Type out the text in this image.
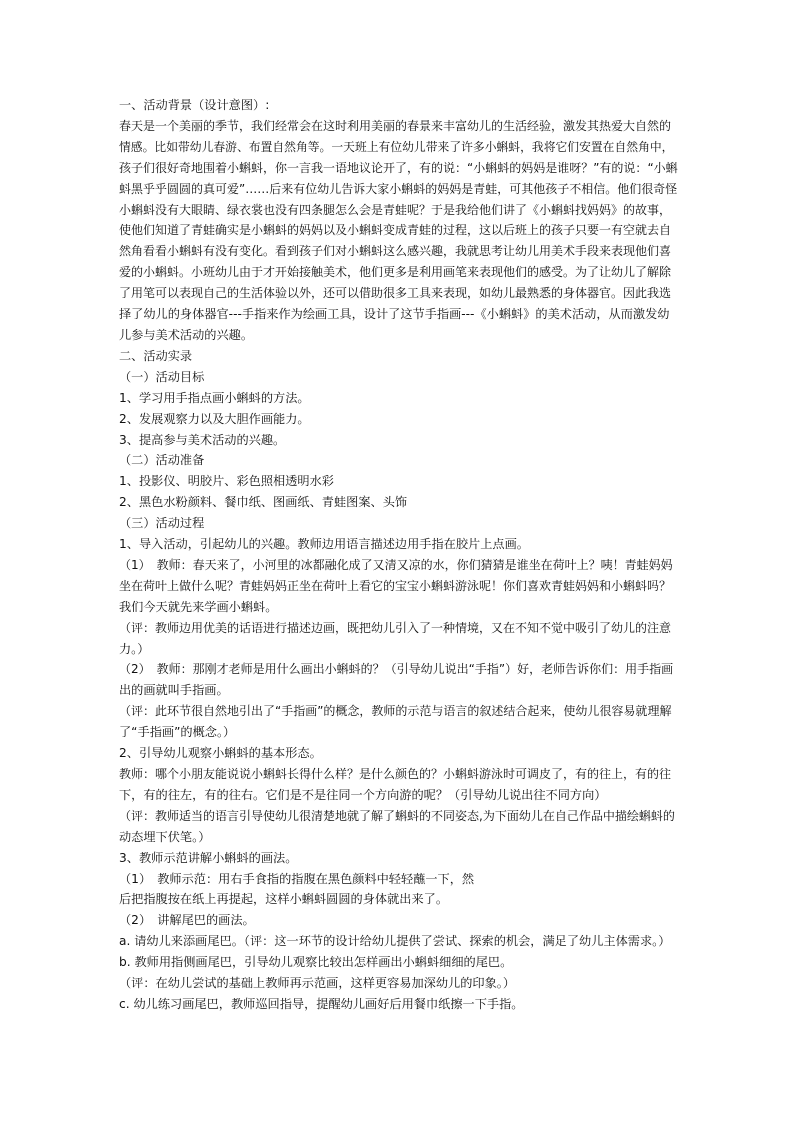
一、活动背景（设计意图）:
春天是一个美丽的季节，我们经常会在这时利用美丽的春景来丰富幼儿的生活经验，激发其热爱大自然的
情感。比如带幼儿春游、布置自然角等。一天班上有位幼儿带来了许多小蝌蚪，我将它们安置在自然角中，
孩子们很好奇地围着小蝌蚪，你一言我一语地议论开了，有的说：“小蝌蚪的妈妈是谁呀？”有的说：“小蝌
蚪黑乎乎圆圆的真可爱”……后来有位幼儿告诉大家小蝌蚪的妈妈是青蛙，可其他孩子不相信。他们很奇怪
小蝌蚪没有大眼睛、绿衣裳也没有四条腿怎么会是青蛙呢？于是我给他们讲了《小蝌蚪找妈妈》的故事，
使他们知道了青蛙确实是小蝌蚪的妈妈以及小蝌蚪变成青蛙的过程，这以后班上的孩子只要一有空就去自
然角看看小蝌蚪有没有变化。看到孩子们对小蝌蚪这么感兴趣，我就思考让幼儿用美术手段来表现他们喜
爱的小蝌蚪。小班幼儿由于才开始接触美术，他们更多是利用画笔来表现他们的感受。为了让幼儿了解除
了用笔可以表现自己的生活体验以外，还可以借助很多工具来表现，如幼儿最熟悉的身体器官。因此我选
择了幼儿的身体器官---手指来作为绘画工具，设计了这节手指画---《小蝌蚪》的美术活动，从而激发幼
儿参与美术活动的兴趣。
二、活动实录
（一）活动目标
1、学习用手指点画小蝌蚪的方法。
2、发展观察力以及大胆作画能力。
3、提高参与美术活动的兴趣。
（二）活动准备
1、投影仪、明胶片、彩色照相透明水彩
2、黑色水粉颜料、餐巾纸、图画纸、青蛙图案、头饰
（三）活动过程
1、导入活动，引起幼儿的兴趣。教师边用语言描述边用手指在胶片上点画。
（1）　教师：春天来了，小河里的冰都融化成了又清又凉的水，你们猜猜是谁坐在荷叶上？咦！青蛙妈妈
坐在荷叶上做什么呢？青蛙妈妈正坐在荷叶上看它的宝宝小蝌蚪游泳呢！你们喜欢青蛙妈妈和小蝌蚪吗？
我们今天就先来学画小蝌蚪。
（评：教师边用优美的话语进行描述边画，既把幼儿引入了一种情境，又在不知不觉中吸引了幼儿的注意
力。）
（2）　教师：那刚才老师是用什么画出小蝌蚪的？（引导幼儿说出“手指”）好，老师告诉你们：用手指画
出的画就叫手指画。
（评：此环节很自然地引出了“手指画”的概念，教师的示范与语言的叙述结合起来，使幼儿很容易就理解
了“手指画”的概念。）
2、引导幼儿观察小蝌蚪的基本形态。
教师：哪个小朋友能说说小蝌蚪长得什么样？是什么颜色的？小蝌蚪游泳时可调皮了，有的往上，有的往
下，有的往左，有的往右。它们是不是往同一个方向游的呢？（引导幼儿说出往不同方向）
（评：教师适当的语言引导使幼儿很清楚地就了解了蝌蚪的不同姿态,为下面幼儿在自己作品中描绘蝌蚪的
动态埋下伏笔。）
3、教师示范讲解小蝌蚪的画法。
（1）　教师示范：用右手食指的指腹在黑色颜料中轻轻蘸一下，然
后把指腹按在纸上再提起，这样小蝌蚪圆圆的身体就出来了。
（2）　讲解尾巴的画法。
a. 请幼儿来添画尾巴。（评：这一环节的设计给幼儿提供了尝试、探索的机会，满足了幼儿主体需求。）
b. 教师用指侧画尾巴，引导幼儿观察比较出怎样画出小蝌蚪细细的尾巴。
（评：在幼儿尝试的基础上教师再示范画，这样更容易加深幼儿的印象。）
c. 幼儿练习画尾巴，教师巡回指导，提醒幼儿画好后用餐巾纸擦一下手指。
